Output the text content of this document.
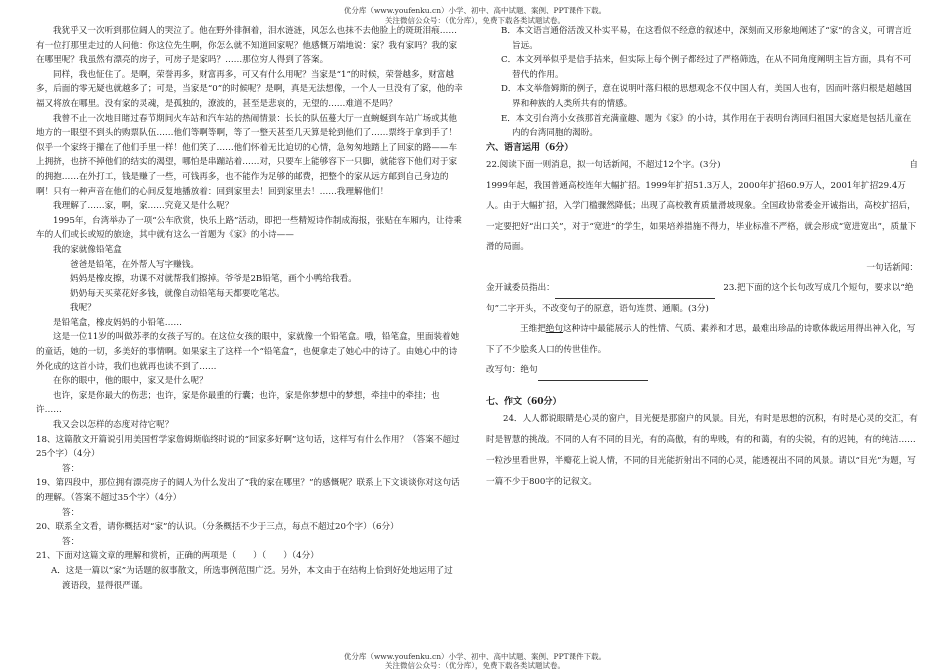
优分库（www.youfenku.cn）小学、初中、高中试题、案例、PPT课件下载。
关注微信公众号：（优分库），免费下载各类试题试卷。

我犹乎又一次听到那位阔人的哭泣了。他在野外徘徊着，泪水涟涟，风怎么也抹不去他脸上的斑斑泪痕……有一位打那里走过的人问他：你这位先生啊，你怎么就不知道回家呢？他感慨万端地说：家？我有家吗？我的家在哪里呢？我虽然有漂亮的房子，可房子是家吗？……那位穷人得到了答案。

同样，我也怔住了。是啊，荣誉再多，财富再多，可又有什么用呢？当家是“1”的时候，荣誉越多，财富越多，后面的零无疑也就越多了；可是，当家是“0”的时候呢？是啊，真是无法想像，一个人一旦没有了家，他的幸福又将放在哪里。没有家的灵魂，是孤独的，潦波的，甚至是悲哀的，无望的……难道不是吗？

我曾不止一次地目睹过春节期间火车站和汽车站的热闹情景：长长的队伍蔓大厅一直蜿蜒到车站广场或其他地方的一眼望不到头的购票队伍……他们等啊等啊，等了一整天甚至几天算是轮到他们了……票终于拿到手了！似乎一个家终于攥在了他们手里一样！他们笑了……他们怀着无比迫切的心情，急匆匆地踏上了回家的路——车上拥挤，也挤不掉他们的结实的渴望，哪怕是串蹦站着……对，只要车上能够容下一只脚，就能容下他们对于家的拥抱……在外打工，钱是赚了一些，可钱再多，也不能作为足够的邮费，把整个的家从远方邮到自己身边的啊！只有一种声音在他们的心间反复地播放着：回到家里去！回到家里去！……我理解他们！

我理解了……家，啊，家……究竟又是什么呢？

1995年，台湾举办了一项“公车欣赏，快乐上路”活动，即把一些精短诗作制成海报，张贴在车厢内，让待乘车的人们或长或短的旅途，其中就有这么一首题为《家》的小诗——

我的家就像铅笔盒

爸爸是铅笔，在外帮人写字赚钱。

妈妈是橡皮擦，功课不对就帮我们擦掉。爷爷是2B铅笔，画个小鸭给我看。

奶奶每天买菜花好多钱，就像自动铅笔每天都要吃笔芯。

我呢？

是铅笔盒，橡皮妈妈的小铅笔……

这是一位11岁的叫做苏孝的女孩子写的。在这位女孩的眼中，家就像一个铅笔盒。哦，铅笔盒，里面装着她的童话，她的一切，多美好的事情啊。如果家主了这样一个“铅笔盒”，也便拿走了她心中的诗了。由她心中的诗外化成的这首小诗，我们也就再也读不到了……

在你的眼中，他的眼中，家又是什么呢？

也许，家是你最大的伤悲；也许，家是你最重的行囊；也许，家是你梦想中的梦想，牵挂中的牵挂；也许……

我又会以怎样的态度对待它呢？

18、这篇散文开篇说引用美国哲学家詹姆斯临终时说的“回家多好啊”这句话，这样写有什么作用？（答案不超过25个字）（4分）

答：

19、第四段中，那位拥有漂亮房子的阔人为什么发出了“我的家在哪里？”的感慨呢？联系上下文谈谈你对这句话的理解。（答案不超过35个字）（4分）

答：

20、联系全文看，请你概括对“家”的认识。（分条概括不少于三点，每点不超过20个字）（6分）

答：

21、下面对这篇文章的理解和赏析，正确的两项是（　　）（　　）（4分）

A．这是一篇以“家”为话题的叙事散文，所选事例范围广泛。另外，本文由于在结构上恰到好处地运用了过渡语段，显得很严谨。

B．本文语言通俗活泼又朴实平易，在这看似不经意的叙述中，深刻而又形象地阐述了“家”的含义，可谓言近旨远。

C．本文列举似乎是信手拈来，但实际上每个例子都经过了严格筛选，在从不同角度阐明主旨方面，具有不可替代的作用。

D．本文举詹姆斯的例子，意在说明叶落归根的思想观念不仅中国人有，美国人也有，因而叶落归根是超越国界和种族的人类所共有的情感。

E．本文引台湾小女孩那首充满童趣、题为《家》的小诗，其作用在于表明台湾回归祖国大家庭是包括儿童在内的台湾同胞的渴盼。

六、语言运用（6分）

22.阅读下面一则消息，拟一句话新闻，不超过12个字。(3分)	自

1999年起，我国普通高校连年大幅扩招。1999年扩招51.3万人，2000年扩招60.9万人，2001年扩招29.4万人。由于大幅扩招，入学门槛骤然降低；出现了高校教育质量滑坡现象。全国政协常委金开诚指出，高校扩招后，一定要把好“出口关”，对于“宽进”的学生，如果培养措施不得力，毕业标准不严格，就会形成“宽进宽出”，质量下滑的局面。

一句话新闻：

金开诚委员指出：　	23.把下面的这个长句改写成几个短句，要求以“绝句”二字开头，不改变句子的原意，语句连贯、通顺。(3分)

王维把绝句这种诗中最能展示人的性情、气质、素养和才思，最难出珍品的诗歌体裁运用得出神入化，写下了不少脍炙人口的传世佳作。

改写句：绝句

七、作文（60分）

24．人人都说眼睛是心灵的窗户，目光便是那窗户的风景。目光，有时是思想的沉积，有时是心灵的交汇，有时是智慧的挑战。不同的人有不同的目光，有的高傲，有的卑贱，有的和蔼，有的尖锐，有的迟钝，有的纯洁……一粒沙里看世界，半瓣花上说人情，不同的目光能折射出不同的心灵，能透视出不同的风景。请以“目光”为题，写一篇不少于800字的记叙文。

优分库（www.youfenku.cn）小学、初中、高中试题、案例、PPT课件下载。
关注微信公众号：（优分库），免费下载各类试题试卷。
